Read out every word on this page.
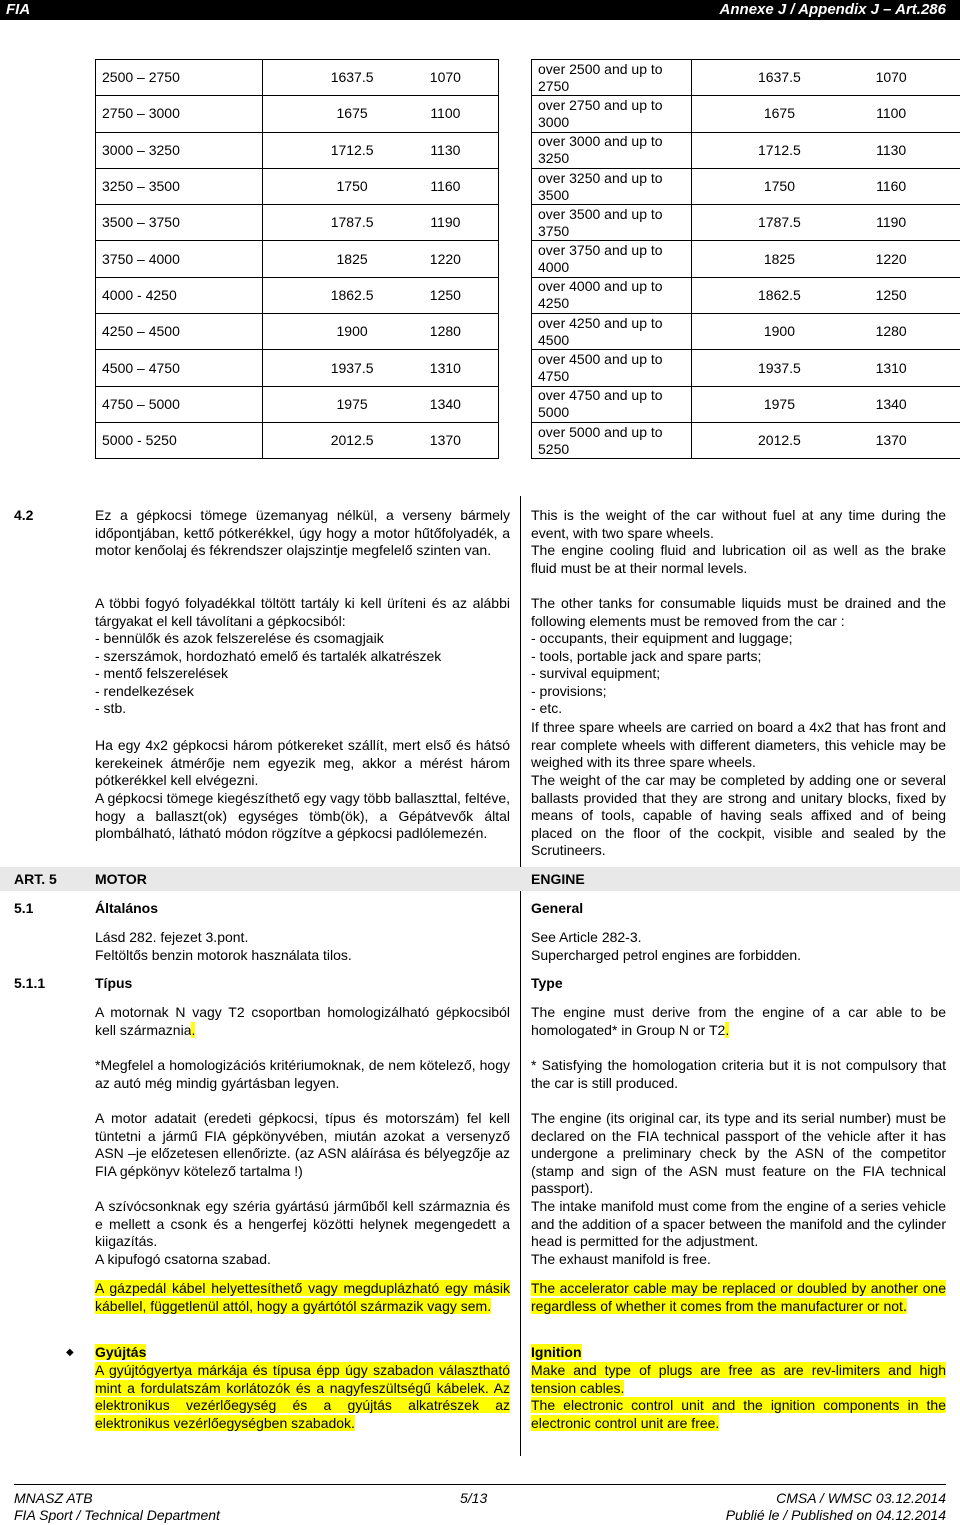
FIA	Annexe J / Appendix J – Art.286
2500 – 2750	1637.5 1070

2750 – 3000	1675 1100

3000 – 3250	1712.5 1130

3250 – 3500	1750 1160

3500 – 3750	1787.5 1190

3750 – 4000	1825 1220

4000 - 4250	1862.5 1250

4250 – 4500	1900 1280

4500 – 4750	1937.5 1310

4750 – 5000	1975 1340

5000 - 5250	2012.5 1370
over 2500 and up to 2750	1637.5 1070

over 2750 and up to 3000	1675 1100

over 3000 and up to 3250	1712.5 1130

over 3250 and up to 3500	1750 1160

over 3500 and up to 3750	1787.5 1190

over 3750 and up to 4000	1825 1220

over 4000 and up to 4250	1862.5 1250

over 4250 and up to 4500	1900 1280

over 4500 and up to 4750	1937.5 1310

over 4750 and up to 5000	1975 1340

over 5000 and up to 5250	2012.5 1370
4.2	Ez a gépkocsi tömege üzemanyag nélkül, a verseny bármely időpontjában, kettő pótkerékkel, úgy hogy a motor hűtőfolyadék, a motor kenőolaj és fékrendszer olajszintje megfelelő szinten van.
This is the weight of the car without fuel at any time during the event, with two spare wheels.
The engine cooling fluid and lubrication oil as well as the brake fluid must be at their normal levels.
A többi fogyó folyadékkal töltött tartály ki kell üríteni és az alábbi tárgyakat el kell távolítani a gépkocsiból:
- bennülők és azok felszerelése és csomagjaik
- szerszámok, hordozható emelő és tartalék alkatrészek
- mentő felszerelések
- rendelkezések
- stb.
The other tanks for consumable liquids must be drained and the following elements must be removed from the car :
- occupants, their equipment and luggage;
- tools, portable jack and spare parts;
- survival equipment;
- provisions;
- etc.
Ha egy 4x2 gépkocsi három pótkereket szállít, mert első és hátsó kerekeinek átmérője nem egyezik meg, akkor a mérést három pótkerékkel kell elvégezni.
A gépkocsi tömege kiegészíthető egy vagy több ballaszttal, feltéve, hogy a ballaszt(ok) egységes tömb(ök), a Gépátvevők által plombálható, látható módon rögzítve a gépkocsi padlólemezén.
If three spare wheels are carried on board a 4x2 that has front and rear complete wheels with different diameters, this vehicle may be weighed with its three spare wheels.
The weight of the car may be completed by adding one or several ballasts provided that they are strong and unitary blocks, fixed by means of tools, capable of having seals affixed and of being placed on the floor of the cockpit, visible and sealed by the Scrutineers.
ART. 5	MOTOR	ENGINE
5.1	Általános	General
Lásd 282. fejezet 3.pont.
Feltöltős benzin motorok használata tilos.
See Article 282-3.
Supercharged petrol engines are forbidden.
5.1.1	Típus	Type
A motornak N vagy T2 csoportban homologizálható gépkocsiból kell származnia.
The engine must derive from the engine of a car able to be homologated* in Group N or T2.
*Megfelel a homologizációs kritériumoknak, de nem kötelező, hogy az autó még mindig gyártásban legyen.
* Satisfying the homologation criteria but it is not compulsory that the car is still produced.
A motor adatait (eredeti gépkocsi, típus és motorszám) fel kell tüntetni a jármű FIA gépkönyvében, miután azokat a versenyző ASN –je előzetesen ellenőrizte. (az ASN aláírása és bélyegzője az FIA gépkönyv kötelező tartalma !)
The engine (its original car, its type and its serial number) must be declared on the FIA technical passport of the vehicle after it has undergone a preliminary check by the ASN of the competitor (stamp and sign of the ASN must feature on the FIA technical passport).
A szívócsonknak egy széria gyártású járműből kell származnia és e mellett a csonk és a hengerfej közötti helynek megengedett a kiigazítás.
A kipufogó csatorna szabad.
The intake manifold must come from the engine of a series vehicle and the addition of a spacer between the manifold and the cylinder head is permitted for the adjustment.
The exhaust manifold is free.
A gázpedál kábel helyettesíthető vagy megduplázható egy másik kábellel, függetlenül attól, hogy a gyártótól származik vagy sem.
The accelerator cable may be replaced or doubled by another one regardless of whether it comes from the manufacturer or not.
◆ Gyújtás	Ignition
A gyújtógyertya márkája és típusa épp úgy szabadon választható mint a fordulatszám korlátozók és a nagyfeszültségű kábelek. Az elektronikus vezérlőegység és a gyújtás alkatrészek az elektronikus vezérlőegységben szabadok.
Make and type of plugs are free as are rev-limiters and high tension cables.
The electronic control unit and the ignition components in the electronic control unit are free.
MNASZ ATB
FIA Sport / Technical Department
5/13	CMSA / WMSC 03.12.2014
Publié le / Published on 04.12.2014
